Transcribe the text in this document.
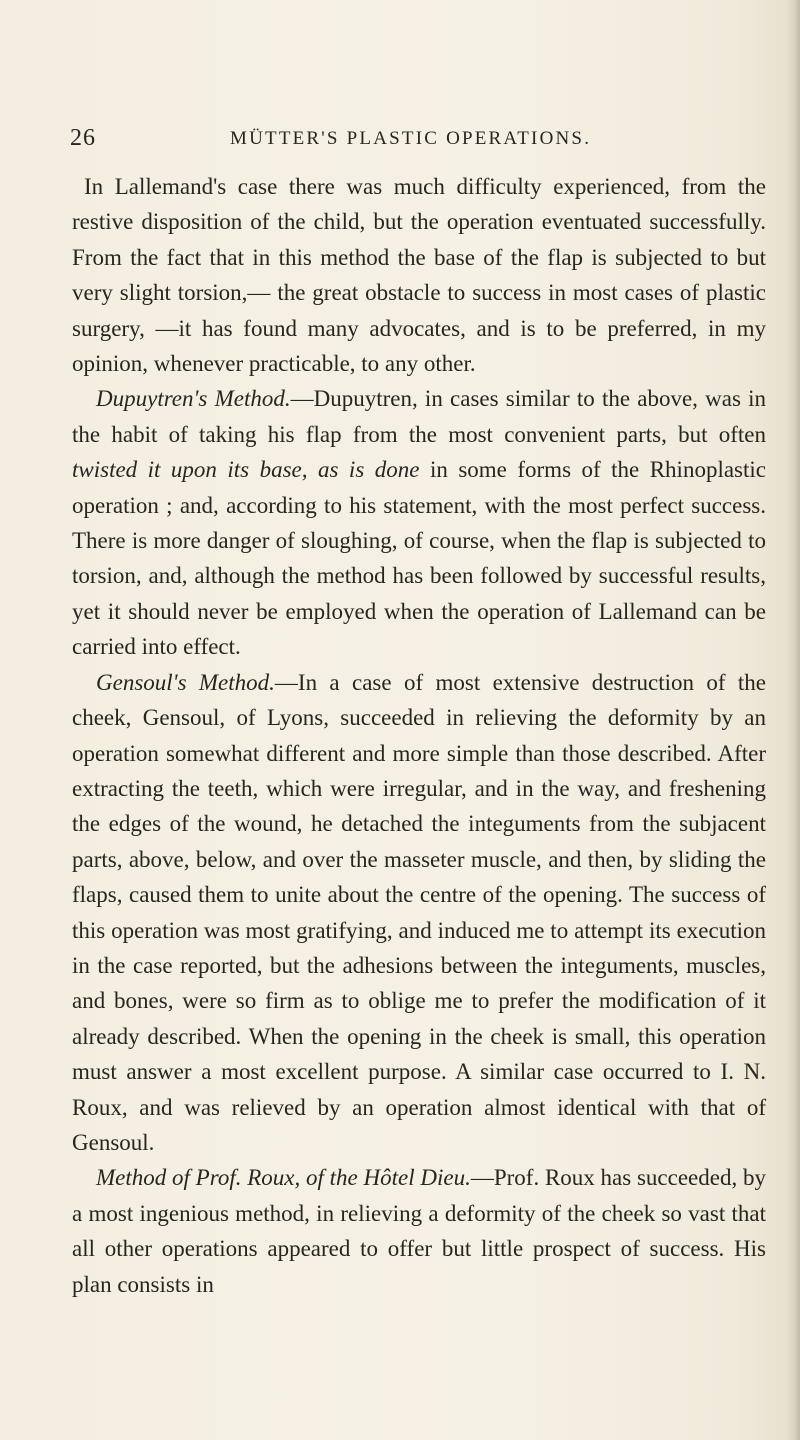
26	MÜTTER'S PLASTIC OPERATIONS.

In Lallemand's case there was much difficulty experienced, from the restive disposition of the child, but the operation eventuated successfully. From the fact that in this method the base of the flap is subjected to but very slight torsion,— the great obstacle to success in most cases of plastic surgery, —it has found many advocates, and is to be preferred, in my opinion, whenever practicable, to any other.

Dupuytren's Method.—Dupuytren, in cases similar to the above, was in the habit of taking his flap from the most convenient parts, but often twisted it upon its base, as is done in some forms of the Rhinoplastic operation ; and, according to his statement, with the most perfect success. There is more danger of sloughing, of course, when the flap is subjected to torsion, and, although the method has been followed by successful results, yet it should never be employed when the operation of Lallemand can be carried into effect.

Gensoul's Method.—In a case of most extensive destruction of the cheek, Gensoul, of Lyons, succeeded in relieving the deformity by an operation somewhat different and more simple than those described. After extracting the teeth, which were irregular, and in the way, and freshening the edges of the wound, he detached the integuments from the subjacent parts, above, below, and over the masseter muscle, and then, by sliding the flaps, caused them to unite about the centre of the opening. The success of this operation was most gratifying, and induced me to attempt its execution in the case reported, but the adhesions between the integuments, muscles, and bones, were so firm as to oblige me to prefer the modification of it already described. When the opening in the cheek is small, this operation must answer a most excellent purpose. A similar case occurred to I. N. Roux, and was relieved by an operation almost identical with that of Gensoul.

Method of Prof. Roux, of the Hôtel Dieu.—Prof. Roux has succeeded, by a most ingenious method, in relieving a deformity of the cheek so vast that all other operations appeared to offer but little prospect of success. His plan consists in
